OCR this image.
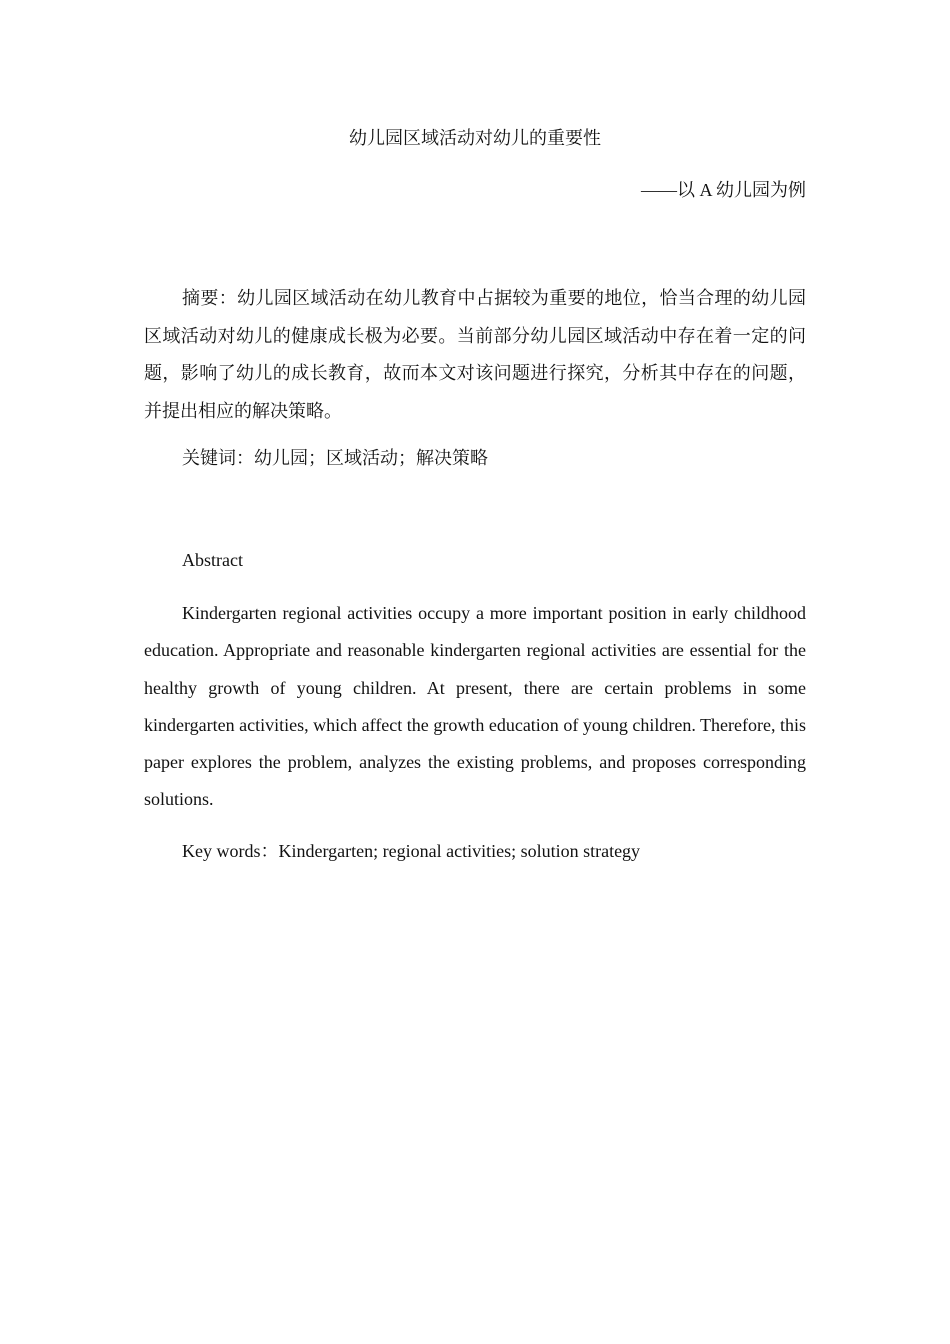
幼儿园区域活动对幼儿的重要性
——以 A 幼儿园为例

摘要：幼儿园区域活动在幼儿教育中占据较为重要的地位，恰当合理的幼儿园区域活动对幼儿的健康成长极为必要。当前部分幼儿园区域活动中存在着一定的问题，影响了幼儿的成长教育，故而本文对该问题进行探究，分析其中存在的问题，并提出相应的解决策略。

关键词：幼儿园；区域活动；解决策略

Abstract

Kindergarten regional activities occupy a more important position in early childhood education. Appropriate and reasonable kindergarten regional activities are essential for the healthy growth of young children. At present, there are certain problems in some kindergarten activities, which affect the growth education of young children. Therefore, this paper explores the problem, analyzes the existing problems, and proposes corresponding solutions.

Key words：Kindergarten; regional activities; solution strategy
